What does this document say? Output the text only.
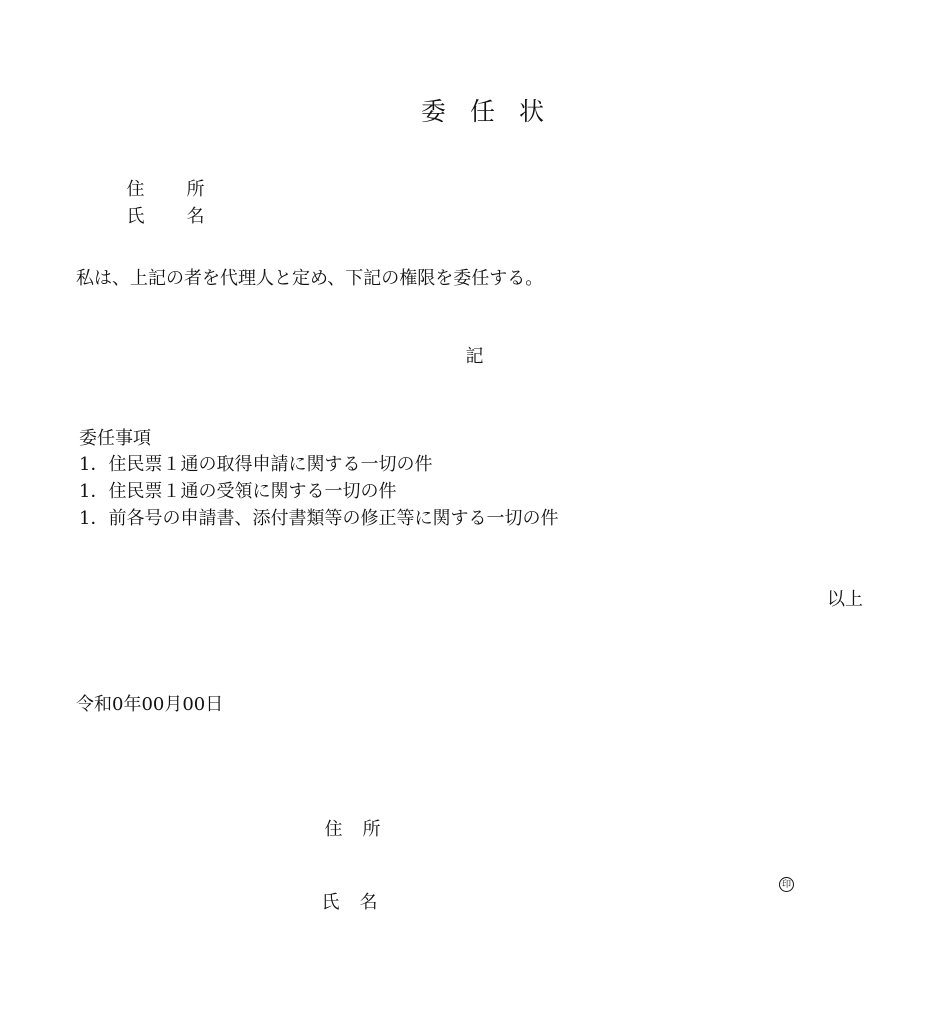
委 任 状

住 所

氏 名

私は、上記の者を代理人と定め、下記の権限を委任する。
記
委任事項
1．住民票１通の取得申請に関する一切の件
1．住民票１通の受領に関する一切の件
1．前各号の申請書、添付書類等の修正等に関する一切の件
以上
令和0年00月00日

住 所

氏 名

印
